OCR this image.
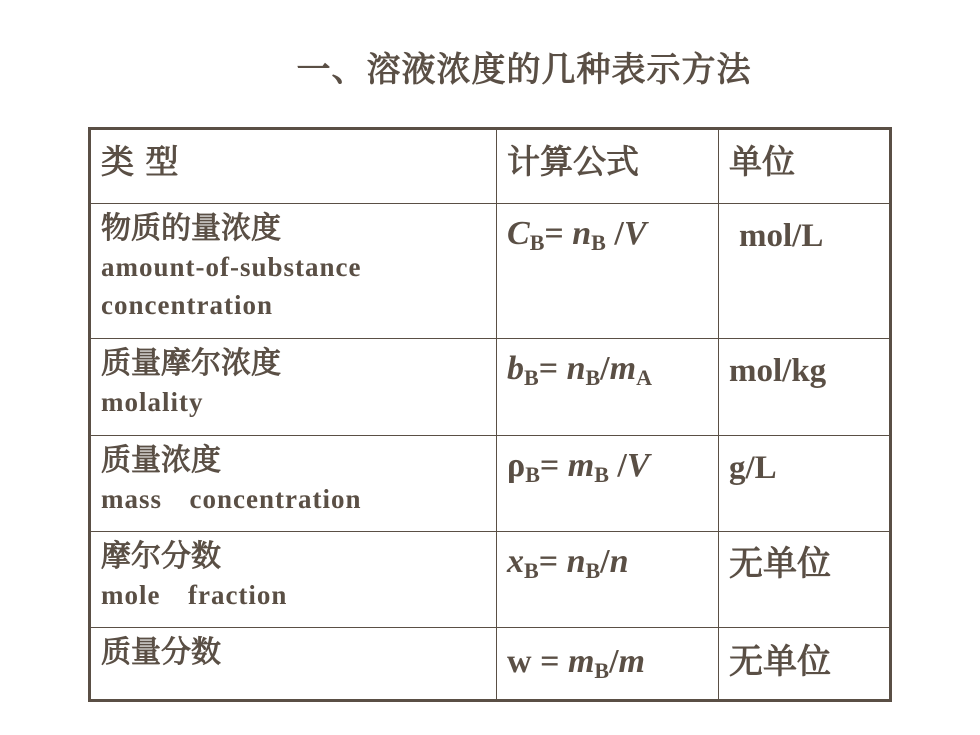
一、溶液浓度的几种表示方法
类 型	计算公式	单位

物质的量浓度
amount-of-substance
concentration	$C_B= n_B$ /V	mol/L

质量摩尔浓度
molality	$b_B= n_B/m_A$	mol/kg

质量浓度
mass  concentration	$\rho_B= m_B$ /V	g/L

摩尔分数
mole  fraction	$x_B= n_B/n$	无单位

质量分数	$w = m_B/m$	无单位
